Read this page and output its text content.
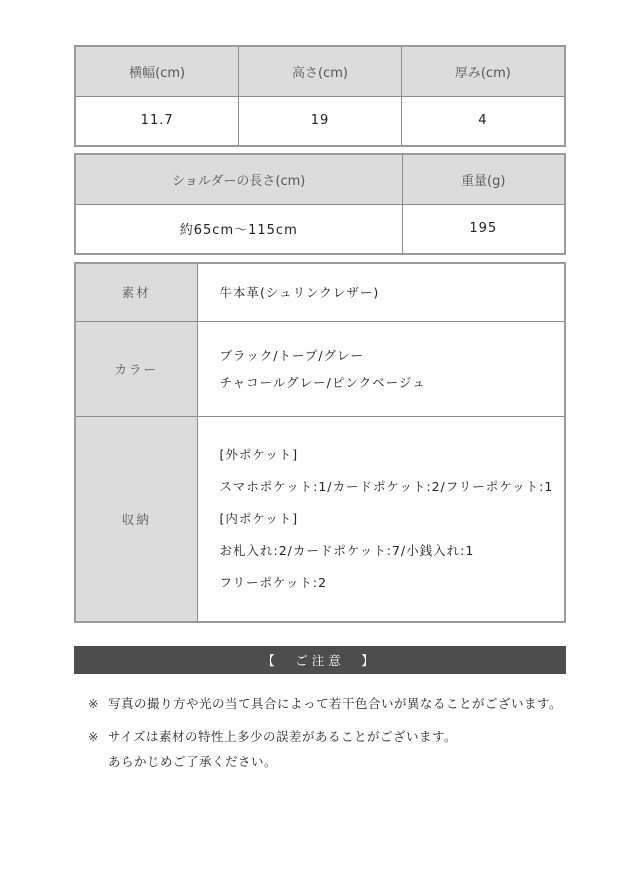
横幅(cm)	高さ(cm)	厚み(cm)
11.7	19	4
ショルダーの長さ(cm)	重量(g)
約65cm〜115cm	195
素材	牛本革(シュリンクレザー)

カラー	ブラック/トープ/グレー
チャコールグレー/ピンクベージュ

収納	[外ポケット]
スマホポケット:1/カードポケット:2/フリーポケット:1
[内ポケット]
お札入れ:2/カードポケット:7/小銭入れ:1
フリーポケット:2
【　ご注意　】
※ 写真の撮り方や光の当て具合によって若干色合いが異なることがございます。
※ サイズは素材の特性上多少の誤差があることがございます。
あらかじめご了承ください。
